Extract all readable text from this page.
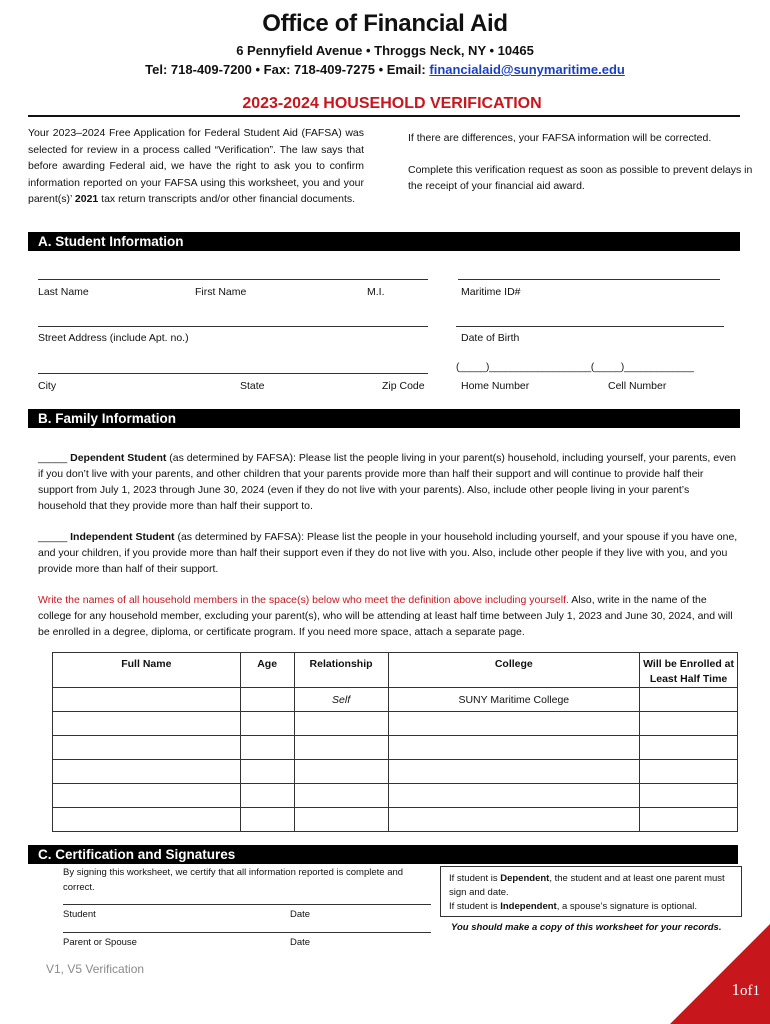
Office of Financial Aid
6 Pennyfield Avenue • Throggs Neck, NY • 10465
Tel: 718-409-7200 • Fax: 718-409-7275 • Email: financialaid@sunymaritime.edu
2023-2024 HOUSEHOLD VERIFICATION
Your 2023–2024 Free Application for Federal Student Aid (FAFSA) was selected for review in a process called “Verification”. The law says that before awarding Federal aid, we have the right to ask you to confirm information reported on your FAFSA using this worksheet, you and your parent(s)’ 2021 tax return transcripts and/or other financial documents.

If there are differences, your FAFSA information will be corrected.

Complete this verification request as soon as possible to prevent delays in the receipt of your financial aid award.

A. Student Information
Last Name	First Name	M.I.	Maritime ID#
Street Address (include Apt. no.)	Date of Birth
(_____)___________________(_____)_____________
City	State	Zip Code	Home Number	Cell Number
B. Family Information
_____ Dependent Student (as determined by FAFSA): Please list the people living in your parent(s) household, including yourself, your parents, even if you don’t live with your parents, and other children that your parents provide more than half their support and will continue to provide half their support from July 1, 2023 through June 30, 2024 (even if they do not live with your parents). Also, include other people living in your parent’s household that they provide more than half their support to.
_____ Independent Student (as determined by FAFSA): Please list the people in your household including yourself, and your spouse if you have one, and your children, if you provide more than half their support even if they do not live with you. Also, include other people if they live with you, and you provide more than half of their support.
Write the names of all household members in the space(s) below who meet the definition above including yourself. Also, write in the name of the college for any household member, excluding your parent(s), who will be attending at least half time between July 1, 2023 and June 30, 2024, and will be enrolled in a degree, diploma, or certificate program. If you need more space, attach a separate page.
Full Name	Age	Relationship	College	Will be Enrolled at Least Half Time
		Self	SUNY Maritime College	

C. Certification and Signatures
By signing this worksheet, we certify that all information reported is complete and correct.
Student	Date
Parent or Spouse	Date
If student is Dependent, the student and at least one parent must sign and date.
If student is Independent, a spouse’s signature is optional.
You should make a copy of this worksheet for your records.
V1, V5 Verification
1of1
